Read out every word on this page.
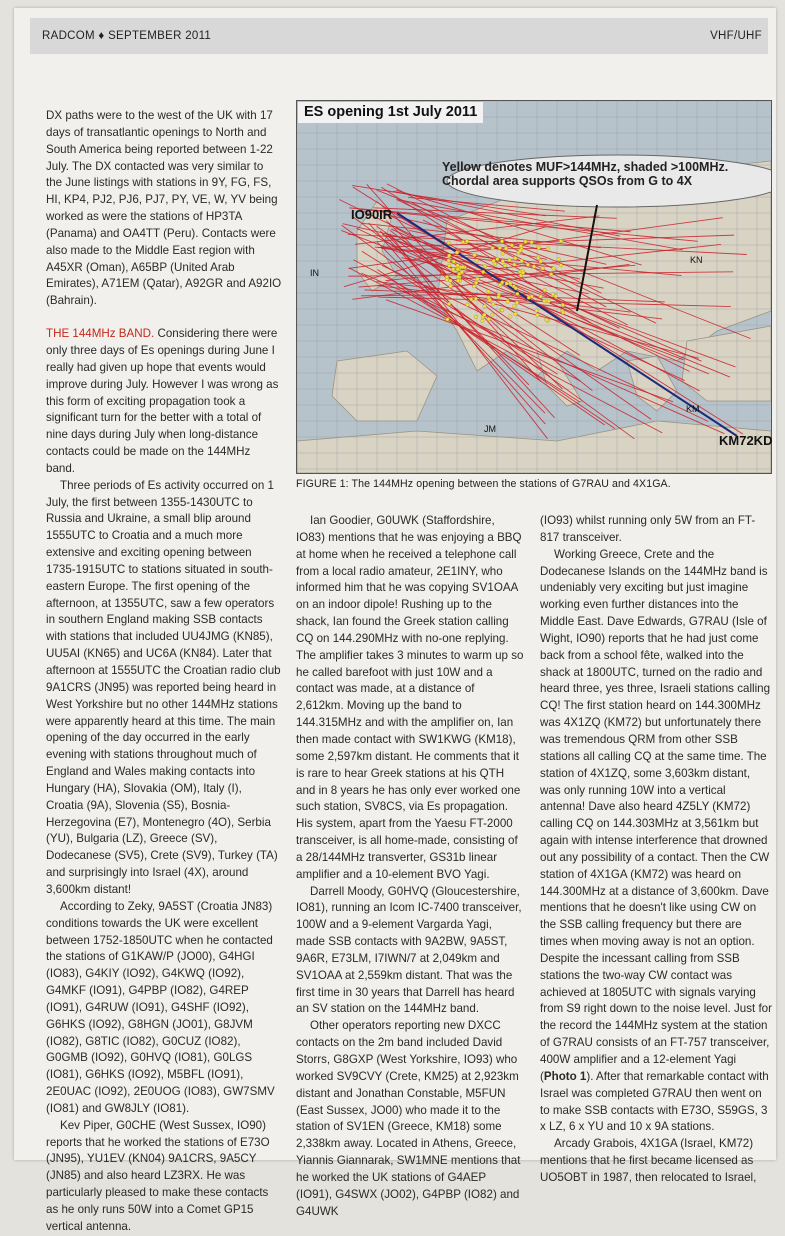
RADCOM ♦ SEPTEMBER 2011	VHF/UHF

DX paths were to the west of the UK with 17 days of transatlantic openings to North and South America being reported between 1-22 July. The DX contacted was very similar to the June listings with stations in 9Y, FG, FS, HI, KP4, PJ2, PJ6, PJ7, PY, VE, W, YV being worked as were the stations of HP3TA (Panama) and OA4TT (Peru). Contacts were also made to the Middle East region with A45XR (Oman), A65BP (United Arab Emirates), A71EM (Qatar), A92GR and A92IO (Bahrain).

THE 144MHz BAND. Considering there were only three days of Es openings during June I really had given up hope that events would improve during July. However I was wrong as this form of exciting propagation took a significant turn for the better with a total of nine days during July when long-distance contacts could be made on the 144MHz band.

Three periods of Es activity occurred on 1 July, the first between 1355-1430UTC to Russia and Ukraine, a small blip around 1555UTC to Croatia and a much more extensive and exciting opening between 1735-1915UTC to stations situated in south-eastern Europe. The first opening of the afternoon, at 1355UTC, saw a few operators in southern England making SSB contacts with stations that included UU4JMG (KN85), UU5AI (KN65) and UC6A (KN84). Later that afternoon at 1555UTC the Croatian radio club 9A1CRS (JN95) was reported being heard in West Yorkshire but no other 144MHz stations were apparently heard at this time. The main opening of the day occurred in the early evening with stations throughout much of England and Wales making contacts into Hungary (HA), Slovakia (OM), Italy (I), Croatia (9A), Slovenia (S5), Bosnia-Herzegovina (E7), Montenegro (4O), Serbia (YU), Bulgaria (LZ), Greece (SV), Dodecanese (SV5), Crete (SV9), Turkey (TA) and surprisingly into Israel (4X), around 3,600km distant!

According to Zeky, 9A5ST (Croatia JN83) conditions towards the UK were excellent between 1752-1850UTC when he contacted the stations of G1KAW/P (JO00), G4HGI (IO83), G4KIY (IO92), G4KWQ (IO92), G4MKF (IO91), G4PBP (IO82), G4REP (IO91), G4RUW (IO91), G4SHF (IO92), G6HKS (IO92), G8HGN (JO01), G8JVM (IO82), G8TIC (IO82), G0CUZ (IO82), G0GMB (IO92), G0HVQ (IO81), G0LGS (IO81), G6HKS (IO92), M5BFL (IO91), 2E0UAC (IO92), 2E0UOG (IO83), GW7SMV (IO81) and GW8JLY (IO81).

Kev Piper, G0CHE (West Sussex, IO90) reports that he worked the stations of E73O (JN95), YU1EV (KN04) 9A1CRS, 9A5CY (JN85) and also heard LZ3RX. He was particularly pleased to make these contacts as he only runs 50W into a Comet GP15 vertical antenna.

ES opening 1st July 2011
Yellow denotes MUF>144MHz, shaded >100MHz.
Chordal area supports QSOs from G to 4X
IO90IR
KM72KD
IN
JM
KM
KN
FIGURE 1: The 144MHz opening between the stations of G7RAU and 4X1GA.

Ian Goodier, G0UWK (Staffordshire, IO83) mentions that he was enjoying a BBQ at home when he received a telephone call from a local radio amateur, 2E1INY, who informed him that he was copying SV1OAA on an indoor dipole! Rushing up to the shack, Ian found the Greek station calling CQ on 144.290MHz with no-one replying. The amplifier takes 3 minutes to warm up so he called barefoot with just 10W and a contact was made, at a distance of 2,612km. Moving up the band to 144.315MHz and with the amplifier on, Ian then made contact with SW1KWG (KM18), some 2,597km distant. He comments that it is rare to hear Greek stations at his QTH and in 8 years he has only ever worked one such station, SV8CS, via Es propagation. His system, apart from the Yaesu FT-2000 transceiver, is all home-made, consisting of a 28/144MHz transverter, GS31b linear amplifier and a 10-element BVO Yagi.

Darrell Moody, G0HVQ (Gloucestershire, IO81), running an Icom IC-7400 transceiver, 100W and a 9-element Vargarda Yagi, made SSB contacts with 9A2BW, 9A5ST, 9A6R, E73LM, I7IWN/7 at 2,049km and SV1OAA at 2,559km distant. That was the first time in 30 years that Darrell has heard an SV station on the 144MHz band.

Other operators reporting new DXCC contacts on the 2m band included David Storrs, G8GXP (West Yorkshire, IO93) who worked SV9CVY (Crete, KM25) at 2,923km distant and Jonathan Constable, M5FUN (East Sussex, JO00) who made it to the station of SV1EN (Greece, KM18) some 2,338km away. Located in Athens, Greece, Yiannis Giannarak, SW1MNE mentions that he worked the UK stations of G4AEP (IO91), G4SWX (JO02), G4PBP (IO82) and G4UWK

(IO93) whilst running only 5W from an FT-817 transceiver.

Working Greece, Crete and the Dodecanese Islands on the 144MHz band is undeniably very exciting but just imagine working even further distances into the Middle East. Dave Edwards, G7RAU (Isle of Wight, IO90) reports that he had just come back from a school fête, walked into the shack at 1800UTC, turned on the radio and heard three, yes three, Israeli stations calling CQ! The first station heard on 144.300MHz was 4X1ZQ (KM72) but unfortunately there was tremendous QRM from other SSB stations all calling CQ at the same time. The station of 4X1ZQ, some 3,603km distant, was only running 10W into a vertical antenna! Dave also heard 4Z5LY (KM72) calling CQ on 144.303MHz at 3,561km but again with intense interference that drowned out any possibility of a contact. Then the CW station of 4X1GA (KM72) was heard on 144.300MHz at a distance of 3,600km. Dave mentions that he doesn't like using CW on the SSB calling frequency but there are times when moving away is not an option. Despite the incessant calling from SSB stations the two-way CW contact was achieved at 1805UTC with signals varying from S9 right down to the noise level. Just for the record the 144MHz system at the station of G7RAU consists of an FT-757 transceiver, 400W amplifier and a 12-element Yagi (Photo 1). After that remarkable contact with Israel was completed G7RAU then went on to make SSB contacts with E73O, S59GS, 3 x LZ, 6 x YU and 10 x 9A stations.

Arcady Grabois, 4X1GA (Israel, KM72) mentions that he first became licensed as UO5OBT in 1987, then relocated to Israel,
